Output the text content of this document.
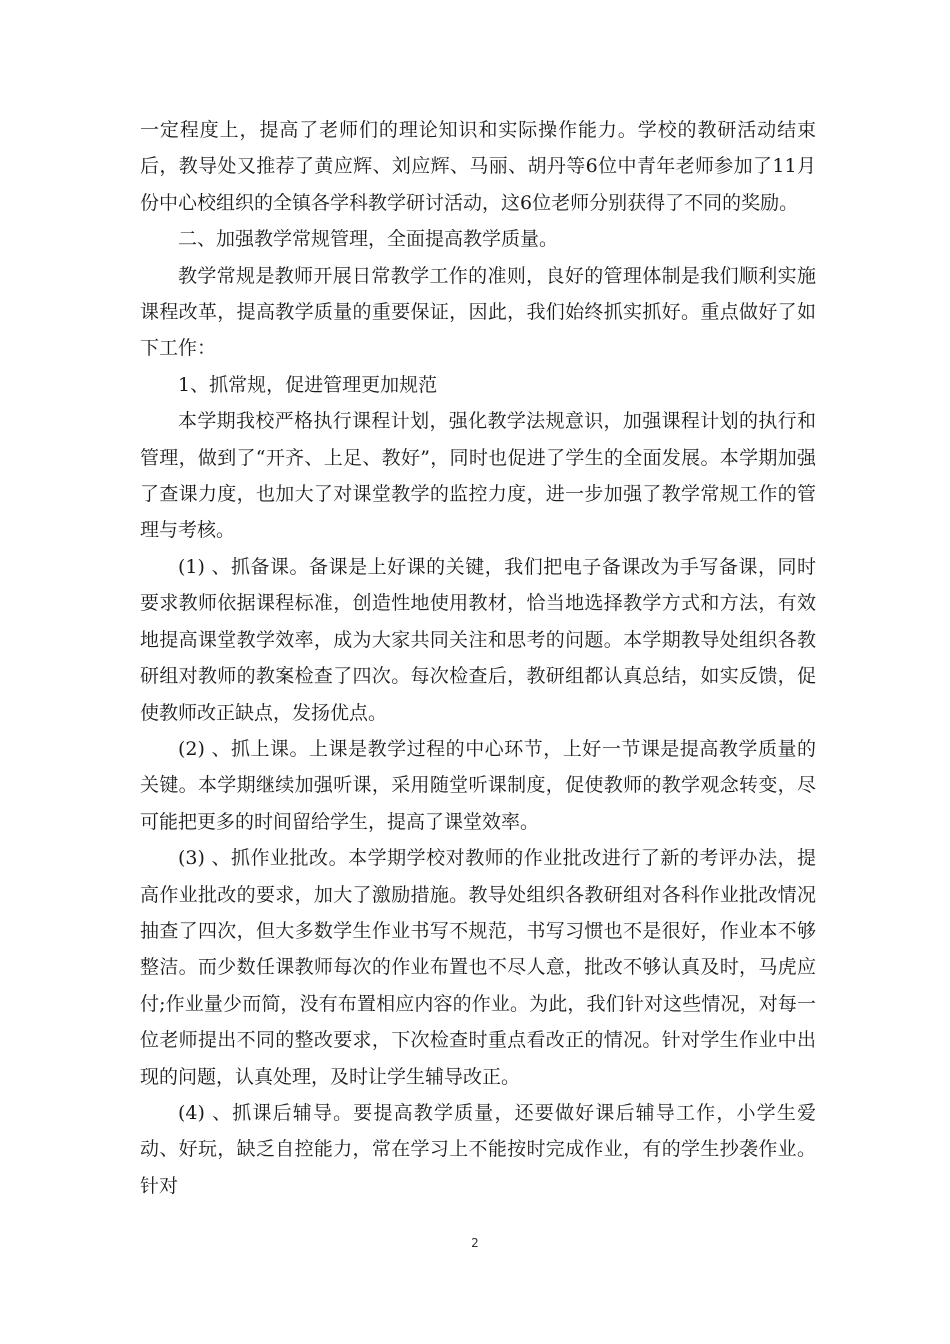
一定程度上，提高了老师们的理论知识和实际操作能力。学校的教研活动结束后，教导处又推荐了黄应辉、刘应辉、马丽、胡丹等6位中青年老师参加了11月份中心校组织的全镇各学科教学研讨活动，这6位老师分别获得了不同的奖励。

二、加强教学常规管理，全面提高教学质量。

教学常规是教师开展日常教学工作的准则，良好的管理体制是我们顺利实施课程改革，提高教学质量的重要保证，因此，我们始终抓实抓好。重点做好了如下工作：

1、抓常规，促进管理更加规范

本学期我校严格执行课程计划，强化教学法规意识，加强课程计划的执行和管理，做到了“开齐、上足、教好”，同时也促进了学生的全面发展。本学期加强了查课力度，也加大了对课堂教学的监控力度，进一步加强了教学常规工作的管理与考核。

(1) 、抓备课。备课是上好课的关键，我们把电子备课改为手写备课，同时要求教师依据课程标准，创造性地使用教材，恰当地选择教学方式和方法，有效地提高课堂教学效率，成为大家共同关注和思考的问题。本学期教导处组织各教研组对教师的教案检查了四次。每次检查后，教研组都认真总结，如实反馈，促使教师改正缺点，发扬优点。

(2) 、抓上课。上课是教学过程的中心环节，上好一节课是提高教学质量的关键。本学期继续加强听课，采用随堂听课制度，促使教师的教学观念转变，尽可能把更多的时间留给学生，提高了课堂效率。

(3) 、抓作业批改。本学期学校对教师的作业批改进行了新的考评办法，提高作业批改的要求，加大了激励措施。教导处组织各教研组对各科作业批改情况抽查了四次，但大多数学生作业书写不规范，书写习惯也不是很好，作业本不够整洁。而少数任课教师每次的作业布置也不尽人意，批改不够认真及时，马虎应付;作业量少而简，没有布置相应内容的作业。为此，我们针对这些情况，对每一位老师提出不同的整改要求，下次检查时重点看改正的情况。针对学生作业中出现的问题，认真处理，及时让学生辅导改正。

(4) 、抓课后辅导。要提高教学质量，还要做好课后辅导工作，小学生爱动、好玩，缺乏自控能力，常在学习上不能按时完成作业，有的学生抄袭作业。针对

2
